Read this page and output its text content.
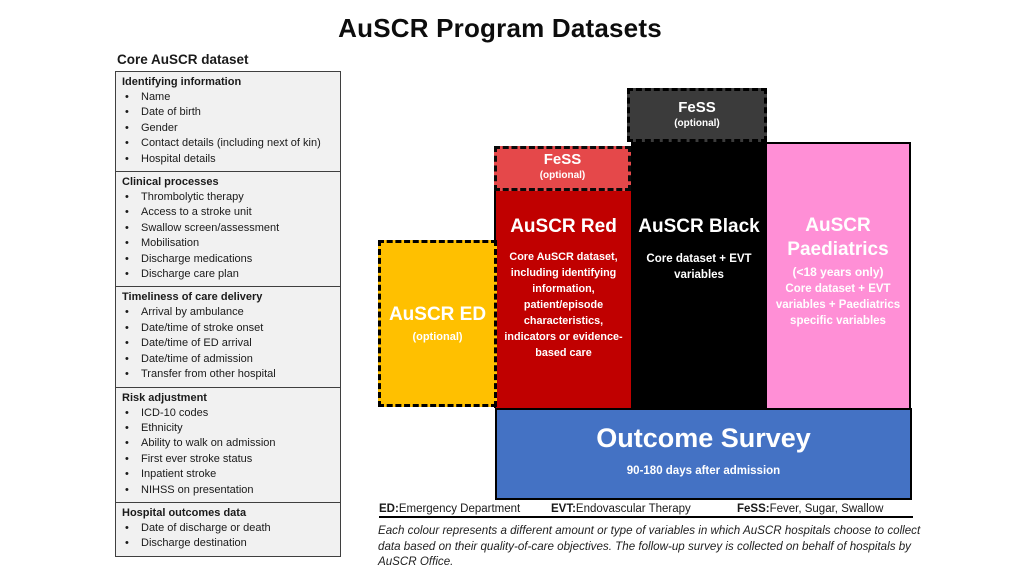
AuSCR Program Datasets
Core AuSCR dataset
Identifying information
• Name
• Date of birth
• Gender
• Contact details (including next of kin)
• Hospital details
Clinical processes
• Thrombolytic therapy
• Access to a stroke unit
• Swallow screen/assessment
• Mobilisation
• Discharge medications
• Discharge care plan
Timeliness of care delivery
• Arrival by ambulance
• Date/time of stroke onset
• Date/time of ED arrival
• Date/time of admission
• Transfer from other hospital
Risk adjustment
• ICD-10 codes
• Ethnicity
• Ability to walk on admission
• First ever stroke status
• Inpatient stroke
• NIHSS on presentation
Hospital outcomes data
• Date of discharge or death
• Discharge destination
AuSCR ED
(optional)
FeSS
(optional)
AuSCR Red
Core AuSCR dataset, including identifying information, patient/episode characteristics, indicators or evidence-based care
FeSS
(optional)
AuSCR Black
Core dataset + EVT variables
AuSCR Paediatrics
(<18 years only)
Core dataset + EVT variables + Paediatrics specific variables
Outcome Survey
90-180 days after admission
ED: Emergency Department	EVT: Endovascular Therapy	FeSS: Fever, Sugar, Swallow
Each colour represents a different amount or type of variables in which AuSCR hospitals choose to collect data based on their quality-of-care objectives. The follow-up survey is collected on behalf of hospitals by AuSCR Office.
